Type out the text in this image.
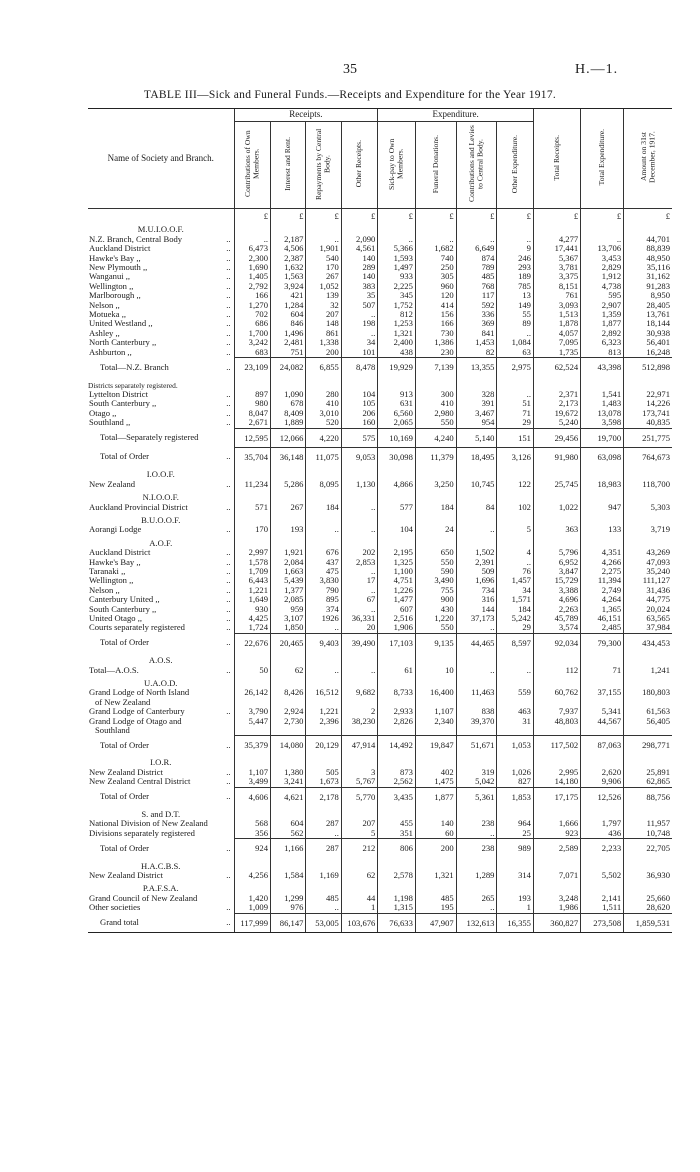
35	H.—1.
TABLE III—Sick and Funeral Funds.—Receipts and Expenditure for the Year 1917.
Name of Society and Branch.	Receipts.				Expenditure.				Total Receipts.	Total Expenditure.	Amount on 31st December, 1917.
	Contributions of Own Members.	Interest and Rent.	Repayments by Central Body.	Other Receipts.	Sick-pay to Own Members.	Funeral Donations.	Contributions and Levies to Central Body.	Other Expenditure.			
	£	£	£	£	£	£	£	£	£	£	£
M.U.I.O.O.F.											

..
N.Z. Branch, Central Body	..	2,187	..	2,090	..	..	..	..	4,277	..	44,701

..
Auckland District	6,473	4,506	1,901	4,561	5,366	1,682	6,649	9	17,441	13,706	88,839

..
Hawke's Bay ,,	2,300	2,387	540	140	1,593	740	874	246	5,367	3,453	48,950

..
New Plymouth ,,	1,690	1,632	170	289	1,497	250	789	293	3,781	2,829	35,116

..
Wanganui ,,	1,405	1,563	267	140	933	305	485	189	3,375	1,912	31,162

..
Wellington ,,	2,792	3,924	1,052	383	2,225	960	768	785	8,151	4,738	91,283

..
Marlborough ,,	166	421	139	35	345	120	117	13	761	595	8,950

..
Nelson ,,	1,270	1,284	32	507	1,752	414	592	149	3,093	2,907	28,405

..
Motueka ,,	702	604	207	..	812	156	336	55	1,513	1,359	13,761

..
United Westland ,,	686	846	148	198	1,253	166	369	89	1,878	1,877	18,144

..
Ashley ,,	1,700	1,496	861	..	1,321	730	841	..	4,057	2,892	30,938

..
North Canterbury ,,	3,242	2,481	1,338	34	2,400	1,386	1,453	1,084	7,095	6,323	56,401

..
Ashburton ,,	683	751	200	101	438	230	82	63	1,735	813	16,248

..
Total—N.Z. Branch	23,109	24,082	6,855	8,478	19,929	7,139	13,355	2,975	62,524	43,398	512,898
Districts separately registered.											

..
Lyttelton District	897	1,090	280	104	913	300	328	..	2,371	1,541	22,971

..
South Canterbury ,,	980	678	410	105	631	410	391	51	2,173	1,483	14,226

..
Otago ,,	8,047	8,409	3,010	206	6,560	2,980	3,467	71	19,672	13,078	173,741

..
Southland ,,	2,671	1,889	520	160	2,065	550	954	29	5,240	3,598	40,835
Total—Separately registered	12,595	12,066	4,220	575	10,169	4,240	5,140	151	29,456	19,700	251,775

..
Total of Order	35,704	36,148	11,075	9,053	30,098	11,379	18,495	3,126	91,980	63,098	764,673
I.O.O.F.											

..
New Zealand	11,234	5,286	8,095	1,130	4,866	3,250	10,745	122	25,745	18,983	118,700
N.I.O.O.F.											

..
Auckland Provincial District	571	267	184	..	577	184	84	102	1,022	947	5,303
B.U.O.O.F.											

..
Aorangi Lodge	170	193	..	..	104	24	..	5	363	133	3,719
A.O.F.											

..
Auckland District	2,997	1,921	676	202	2,195	650	1,502	4	5,796	4,351	43,269

..
Hawke's Bay ,,	1,578	2,084	437	2,853	1,325	550	2,391	..	6,952	4,266	47,093

..
Taranaki ,,	1,709	1,663	475	..	1,100	590	509	76	3,847	2,275	35,240

..
Wellington ,,	6,443	5,439	3,830	17	4,751	3,490	1,696	1,457	15,729	11,394	111,127

..
Nelson ,,	1,221	1,377	790	..	1,226	755	734	34	3,388	2,749	31,436

..
Canterbury United ,,	1,649	2,085	895	67	1,477	900	316	1,571	4,696	4,264	44,775

..
South Canterbury ,,	930	959	374	..	607	430	144	184	2,263	1,365	20,024

..
United Otago ,,	4,425	3,107	1926	36,331	2,516	1,220	37,173	5,242	45,789	46,151	63,565

..
Courts separately registered	1,724	1,850	..	20	1,906	550	..	29	3,574	2,485	37,984

..
Total of Order	22,676	20,465	9,403	39,490	17,103	9,135	44,465	8,597	92,034	79,300	434,453
A.O.S.											

..
Total—A.O.S.	50	62	..	..	61	10	..	..	112	71	1,241
U.A.O.D.											
Grand Lodge of North Island
of New Zealand	26,142	8,426	16,512	9,682	8,733	16,400	11,463	559	60,762	37,155	180,803

..
Grand Lodge of Canterbury	3,790	2,924	1,221	2	2,933	1,107	838	463	7,937	5,341	61,563
Grand Lodge of Otago and
Southland	5,447	2,730	2,396	38,230	2,826	2,340	39,370	31	48,803	44,567	56,405

..
Total of Order	35,379	14,080	20,129	47,914	14,492	19,847	51,671	1,053	117,502	87,063	298,771
I.O.R.											

..
New Zealand District	1,107	1,380	505	3	873	402	319	1,026	2,995	2,620	25,891

..
New Zealand Central District	3,499	3,241	1,673	5,767	2,562	1,475	5,042	827	14,180	9,906	62,865

..
Total of Order	4,606	4,621	2,178	5,770	3,435	1,877	5,361	1,853	17,175	12,526	88,756
S. and D.T.											
National Division of New Zealand	568	604	287	207	455	140	238	964	1,666	1,797	11,957
Divisions separately registered	356	562	..	5	351	60	..	25	923	436	10,748

..
Total of Order	924	1,166	287	212	806	200	238	989	2,589	2,233	22,705
H.A.C.B.S.											

..
New Zealand District	4,256	1,584	1,169	62	2,578	1,321	1,289	314	7,071	5,502	36,930
P.A.F.S.A.											
Grand Council of New Zealand	1,420	1,299	485	44	1,198	485	265	193	3,248	2,141	25,660

..
Other societies	1,009	976	..	1	1,315	195	..	1	1,986	1,511	28,620

..
Grand total	117,999	86,147	53,005	103,676	76,633	47,907	132,613	16,355	360,827	273,508	1,859,531
